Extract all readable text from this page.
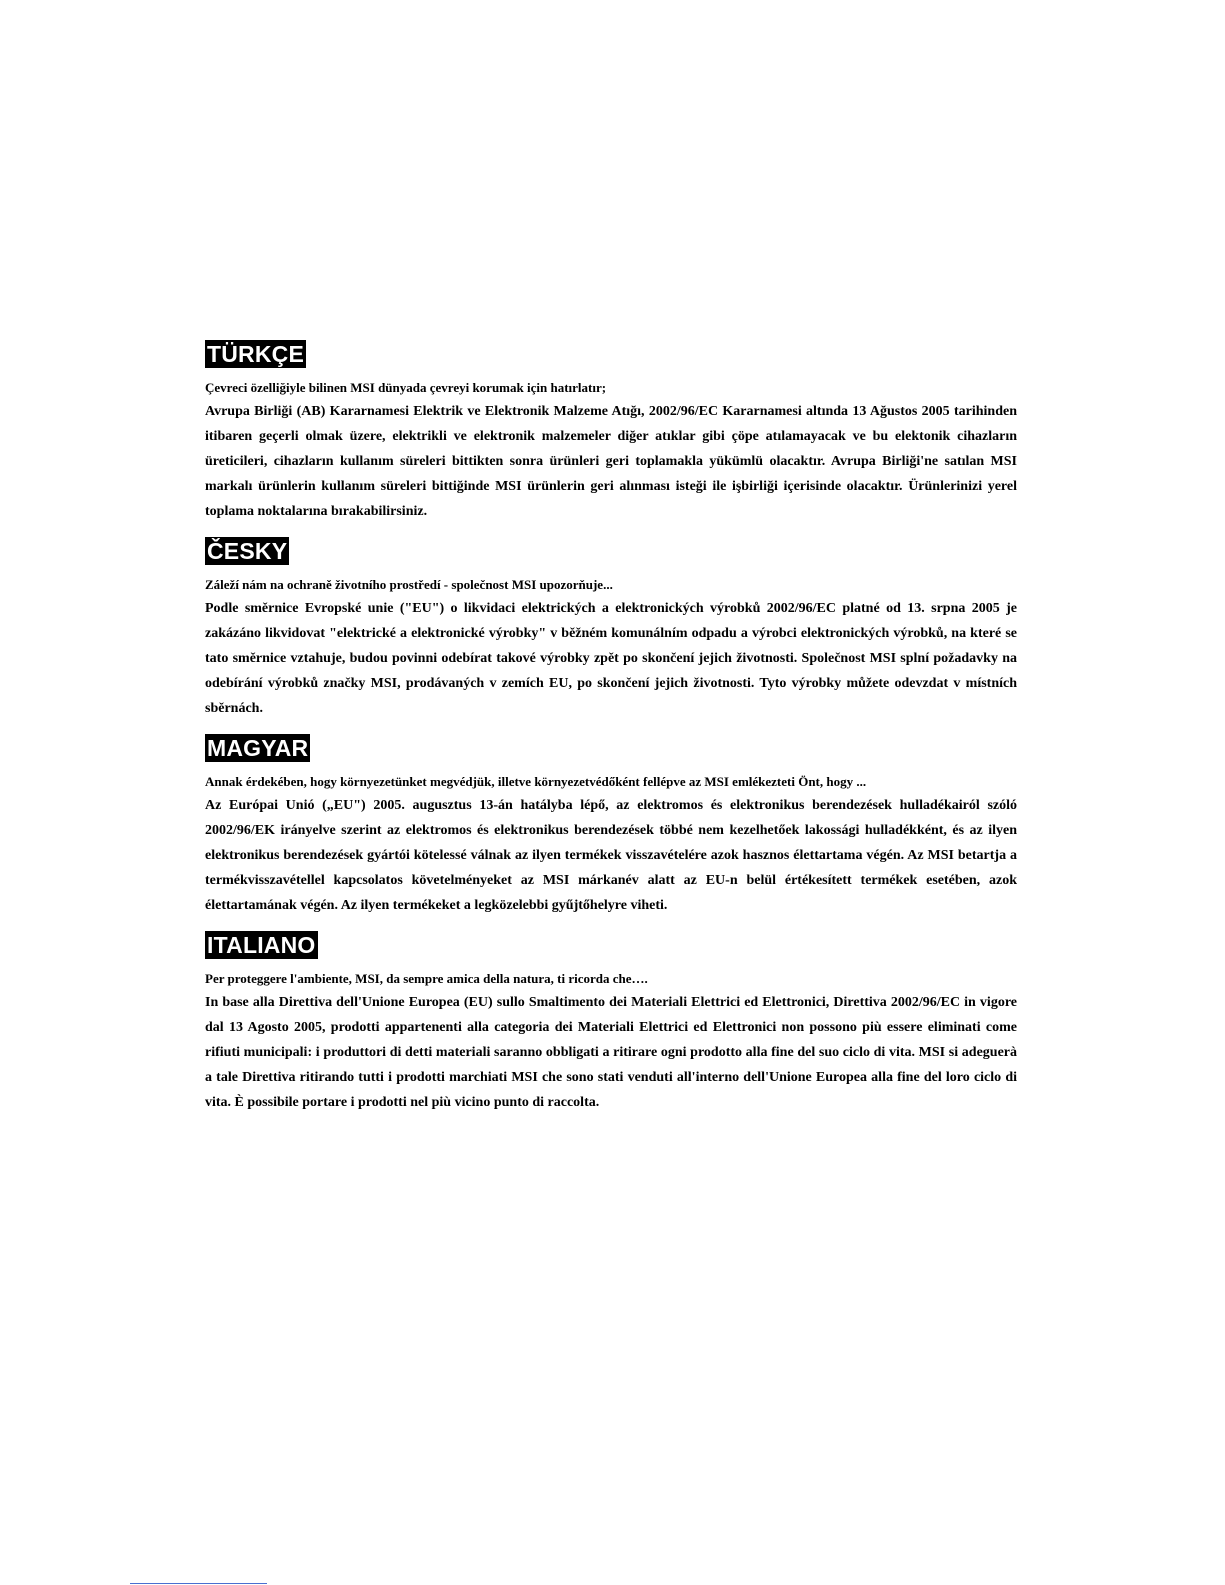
TÜRKÇE

Çevreci özelliğiyle bilinen MSI dünyada çevreyi korumak için hatırlatır;

Avrupa Birliği (AB) Kararnamesi Elektrik ve Elektronik Malzeme Atığı, 2002/96/EC Kararnamesi altında 13 Ağustos 2005 tarihinden itibaren geçerli olmak üzere, elektrikli ve elektronik malzemeler diğer atıklar gibi çöpe atılamayacak ve bu elektonik cihazların üreticileri, cihazların kullanım süreleri bittikten sonra ürünleri geri toplamakla yükümlü olacaktır. Avrupa Birliği'ne satılan MSI markalı ürünlerin kullanım süreleri bittiğinde MSI ürünlerin geri alınması isteği ile işbirliği içerisinde olacaktır. Ürünlerinizi yerel toplama noktalarına bırakabilirsiniz.

ČESKY

Záleží nám na ochraně životního prostředí - společnost MSI upozorňuje...

Podle směrnice Evropské unie ("EU") o likvidaci elektrických a elektronických výrobků 2002/96/EC platné od 13. srpna 2005 je zakázáno likvidovat "elektrické a elektronické výrobky" v běžném komunálním odpadu a výrobci elektronických výrobků, na které se tato směrnice vztahuje, budou povinni odebírat takové výrobky zpět po skončení jejich životnosti. Společnost MSI splní požadavky na odebírání výrobků značky MSI, prodávaných v zemích EU, po skončení jejich životnosti. Tyto výrobky můžete odevzdat v místních sběrnách.

MAGYAR

Annak érdekében, hogy környezetünket megvédjük, illetve környezetvédőként fellépve az MSI emlékezteti Önt, hogy ...

Az Európai Unió („EU") 2005. augusztus 13-án hatályba lépő, az elektromos és elektronikus berendezések hulladékairól szóló 2002/96/EK irányelve szerint az elektromos és elektronikus berendezések többé nem kezelhetőek lakossági hulladékként, és az ilyen elektronikus berendezések gyártói kötelessé válnak az ilyen termékek visszavételére azok hasznos élettartama végén. Az MSI betartja a termékvisszavétellel kapcsolatos követelményeket az MSI márkanév alatt az EU-n belül értékesített termékek esetében, azok élettartamának végén. Az ilyen termékeket a legközelebbi gyűjtőhelyre viheti.

ITALIANO

Per proteggere l'ambiente, MSI, da sempre amica della natura, ti ricorda che….

In base alla Direttiva dell'Unione Europea (EU) sullo Smaltimento dei Materiali Elettrici ed Elettronici, Direttiva 2002/96/EC in vigore dal 13 Agosto 2005, prodotti appartenenti alla categoria dei Materiali Elettrici ed Elettronici non possono più essere eliminati come rifiuti municipali: i produttori di detti materiali saranno obbligati a ritirare ogni prodotto alla fine del suo ciclo di vita. MSI si adeguerà a tale Direttiva ritirando tutti i prodotti marchiati MSI che sono stati venduti all'interno dell'Unione Europea alla fine del loro ciclo di vita. È possibile portare i prodotti nel più vicino punto di raccolta.
